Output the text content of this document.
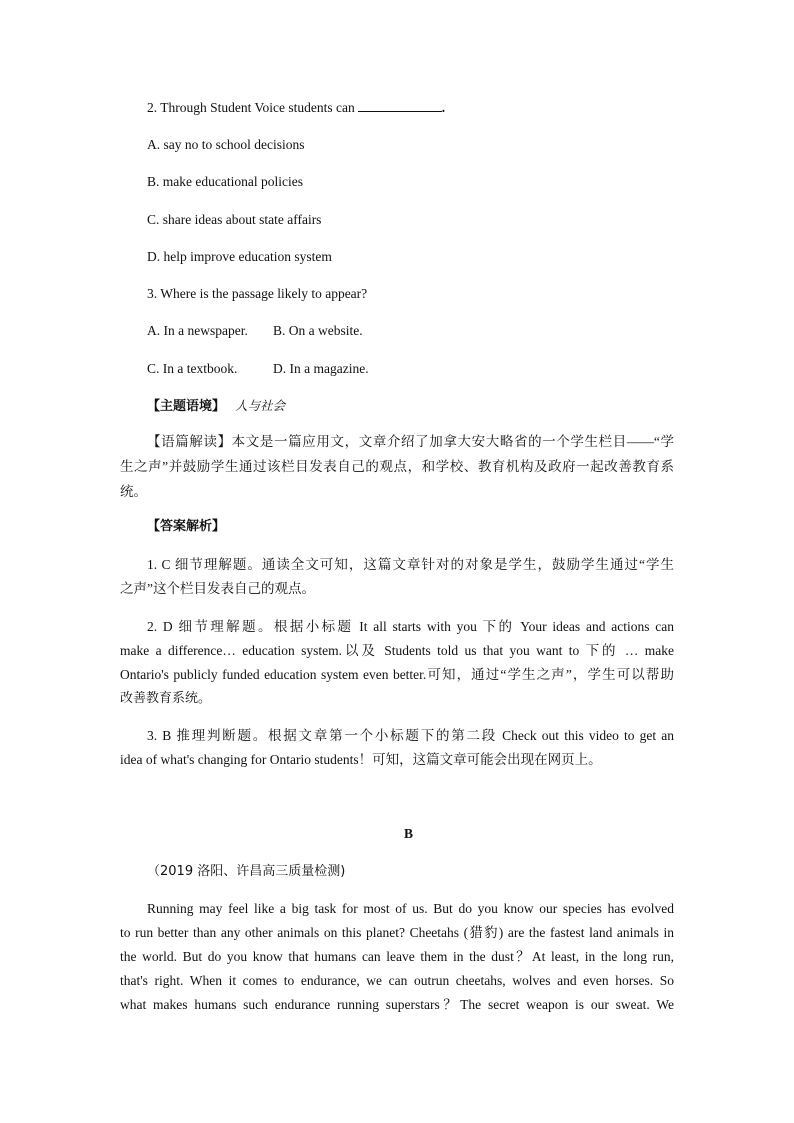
2. Through Student Voice students can	.
A. say no to school decisions
B. make educational policies
C. share ideas about state affairs
D. help improve education system
3. Where is the passage likely to appear?
A. In a newspaper. B. On a website.
C. In a textbook.	D. In a magazine.
【主题语境】 人与社会
【语篇解读】本文是一篇应用文，文章介绍了加拿大安大略省的一个学生栏目——“学
生之声”并鼓励学生通过该栏目发表自己的观点，和学校、教育机构及政府一起改善教育系
统。
【答案解析】
1. C 细节理解题。通读全文可知，这篇文章针对的对象是学生，鼓励学生通过“学生
之声”这个栏目发表自己的观点。
2. D 细节理解题。根据小标题 It all starts with you 下的 Your ideas and actions can
make a difference… education system.以及 Students told us that you want to 下的 … make
Ontario's publicly funded education system even better.可知，通过“学生之声”，学生可以帮助
改善教育系统。
3. B 推理判断题。根据文章第一个小标题下的第二段 Check out this video to get an
idea of what's changing for Ontario students！可知，这篇文章可能会出现在网页上。
B
（2019 洛阳、许昌高三质量检测)
Running may feel like a big task for most of us. But do you know our species has evolved
to run better than any other animals on this planet? Cheetahs (猎豹) are the fastest land animals in
the world. But do you know that humans can leave them in the dust？At least, in the long run,
that's right. When it comes to endurance, we can outrun cheetahs, wolves and even horses. So
what makes humans such endurance running superstars？The secret weapon is our sweat. We
